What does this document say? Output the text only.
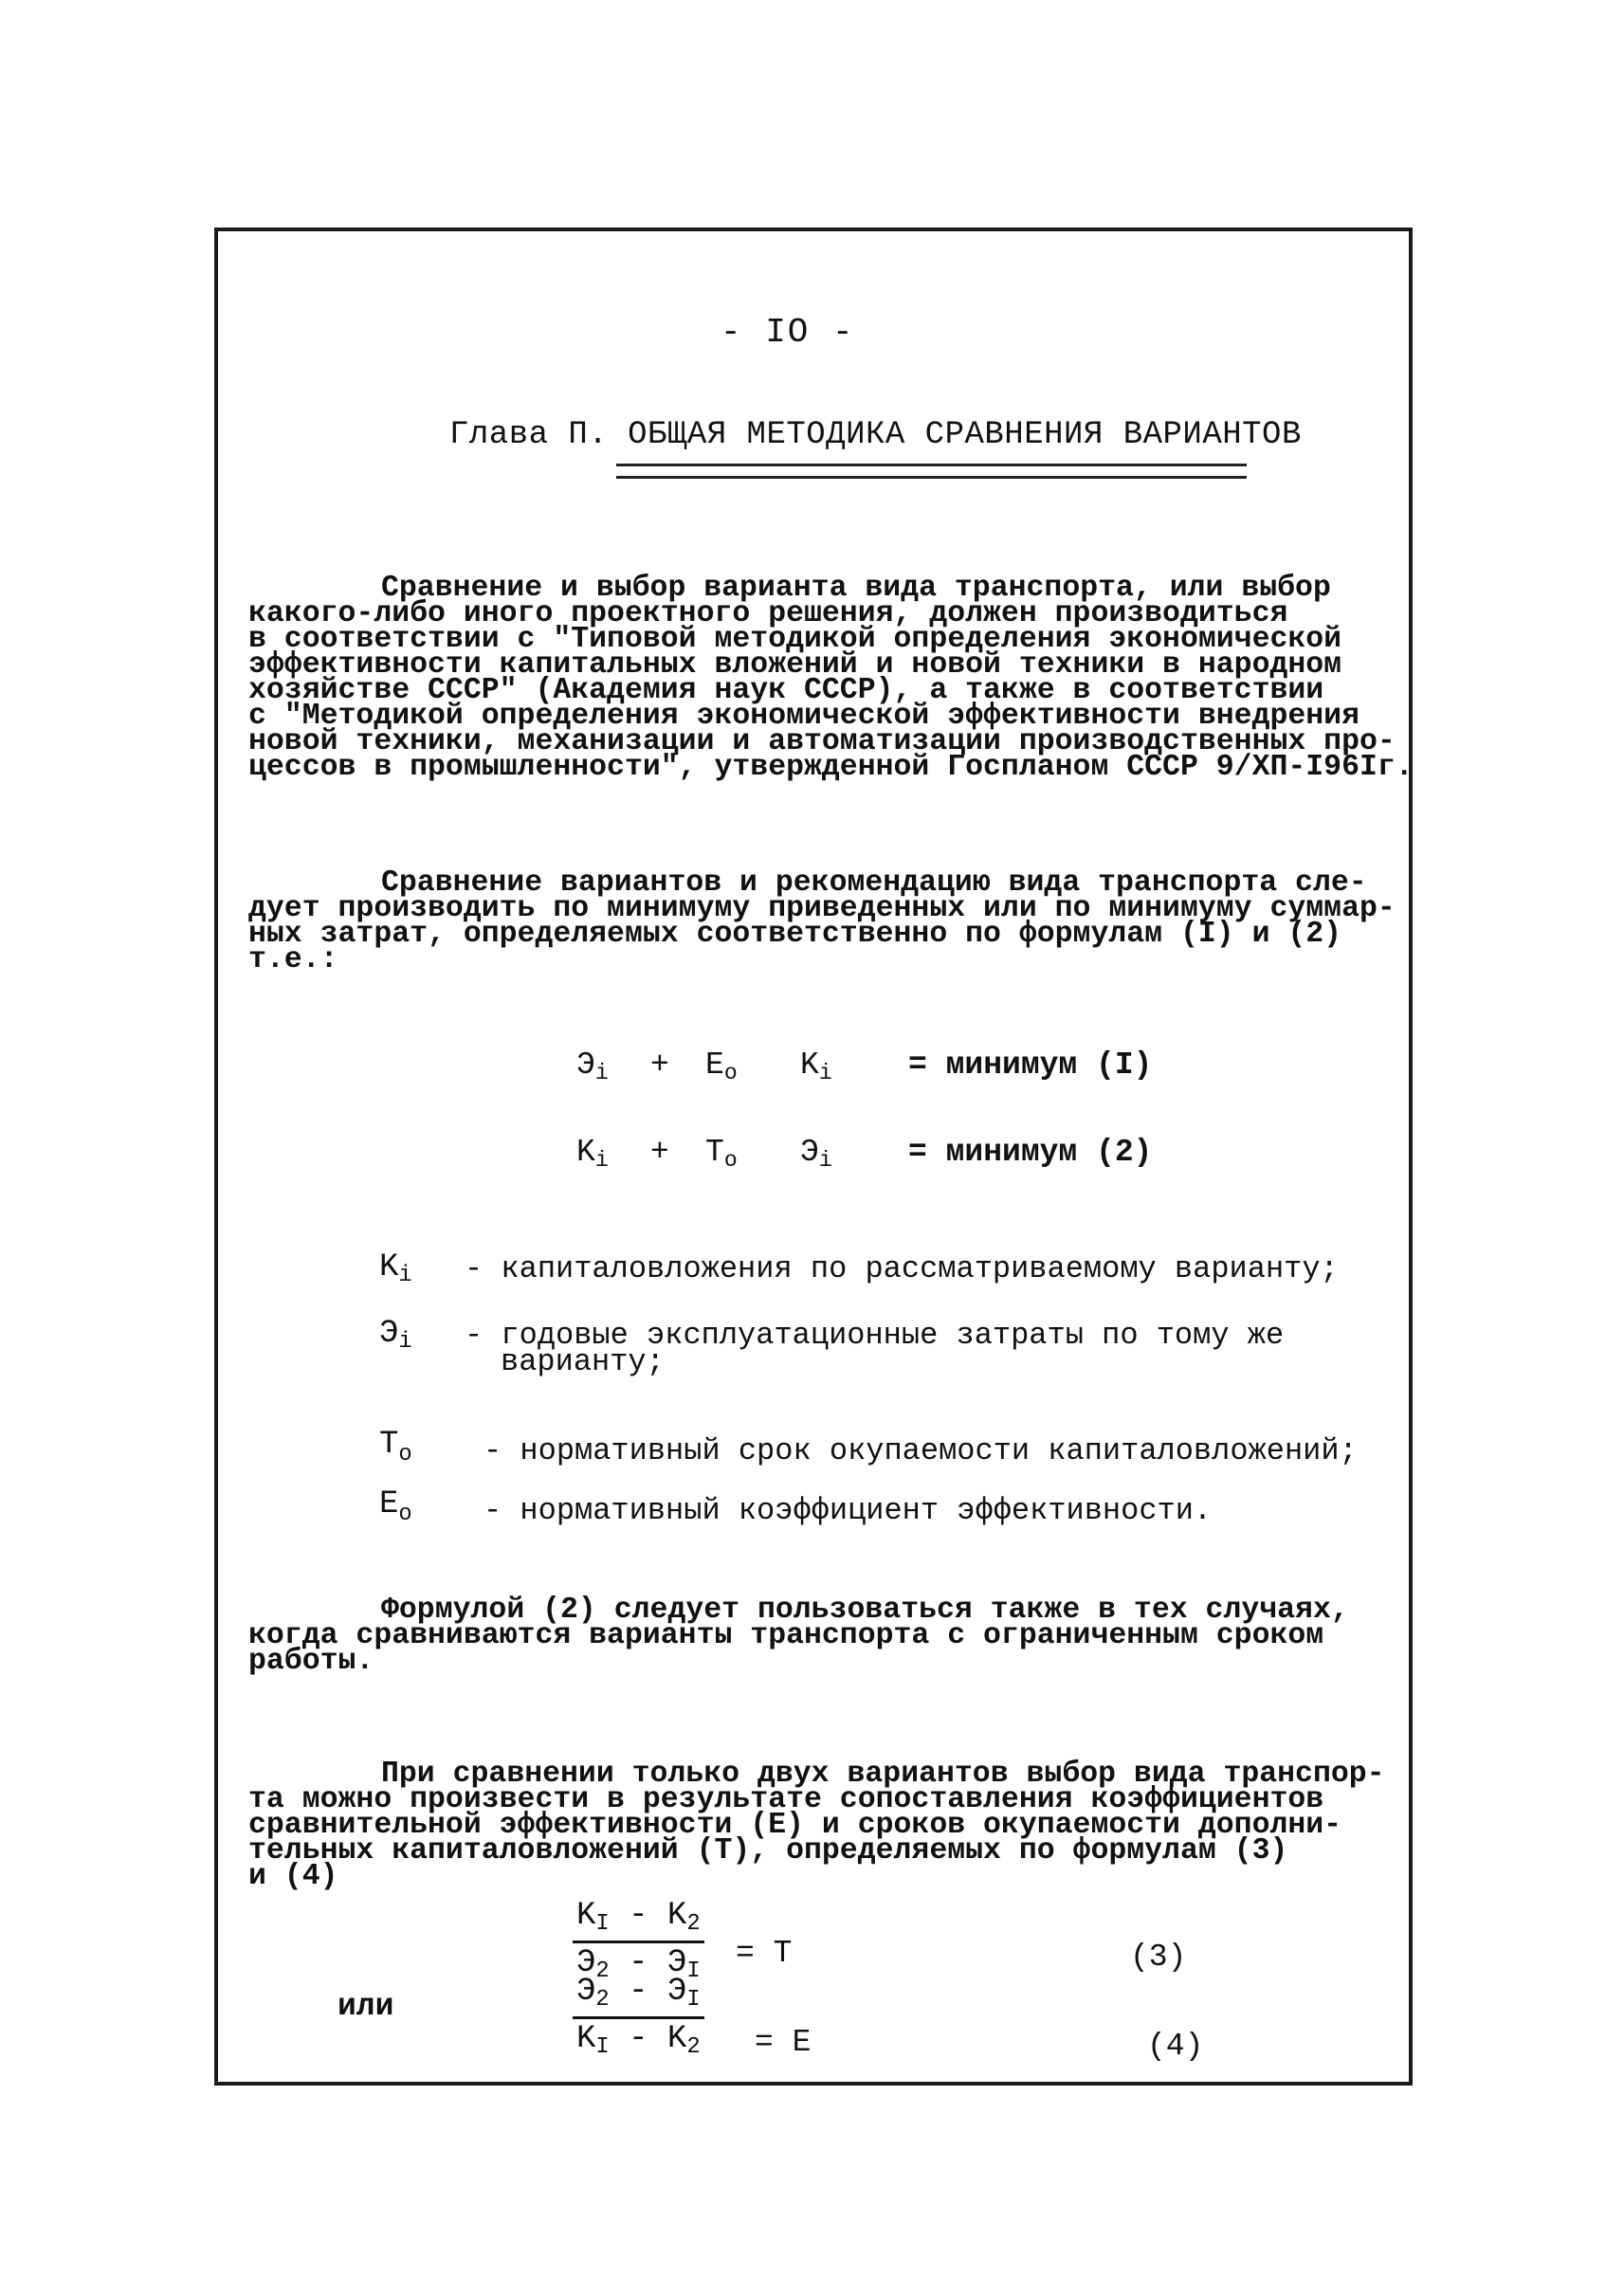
- IO -
Глава П. ОБЩАЯ МЕТОДИКА СРАВНЕНИЯ ВАРИАНТОВ
Сравнение и выбор варианта вида транспорта, или выбор
какого-либо иного проектного решения, должен производиться
в соответствии с "Типовой методикой определения экономической
эффективности капитальных вложений и новой техники в народном
хозяйстве СССР" (Академия наук СССР), а также в соответствии
с "Методикой определения экономической эффективности внедрения
новой техники, механизации и автоматизации производственных про-
цессов в промышленности", утвержденной Госпланом СССР 9/XП-I96Iг.
Сравнение вариантов и рекомендацию вида транспорта сле-
дует производить по минимуму приведенных или по минимуму суммар-
ных затрат, определяемых соответственно по формулам (I) и (2)
т.е.:
$Э_i + E_o$ $K_i$ = минимум (I)
$K_i + T_o$ $Э_i$ = минимум (2)
$K_i$ - капиталовложения по рассматриваемому варианту;
$Э_i$ - годовые эксплуатационные затраты по тому же
варианту;
$T_o$ - нормативный срок окупаемости капиталовложений;
$E_o$ - нормативный коэффициент эффективности.
Формулой (2) следует пользоваться также в тех случаях,
когда сравниваются варианты транспорта с ограниченным сроком
работы.
При сравнении только двух вариантов выбор вида транспор-
та можно произвести в результате сопоставления коэффициентов
сравнительной эффективности (E) и сроков окупаемости дополни-
тельных капиталовложений (T), определяемых по формулам (3)
и (4)
$K_I - K_2$
$Э_2 - Э_I$
= T	(3)
или	$Э_2 - Э_I$
$K_I - K_2 = E$	(4)
